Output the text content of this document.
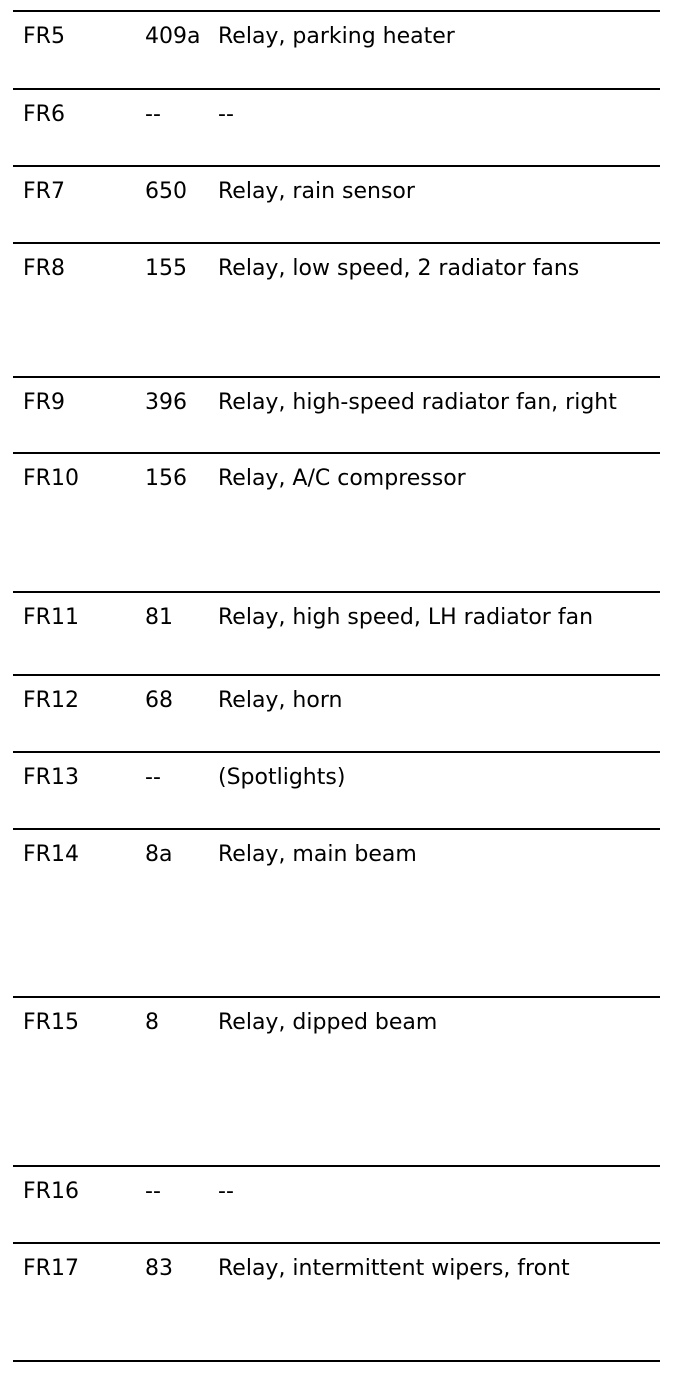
FR5	409a Relay, parking heater
FR6	--	--
FR7	650 Relay, rain sensor
FR8	155 Relay, low speed, 2 radiator fans
FR9	396 Relay, high-speed radiator fan, right
FR10	156 Relay, A/C compressor
FR11	81 Relay, high speed, LH radiator fan
FR12	68 Relay, horn
FR13	--	(Spotlights)
FR14	8a Relay, main beam
FR15	8	Relay, dipped beam
FR16	--	--
FR17	83 Relay, intermittent wipers, front
